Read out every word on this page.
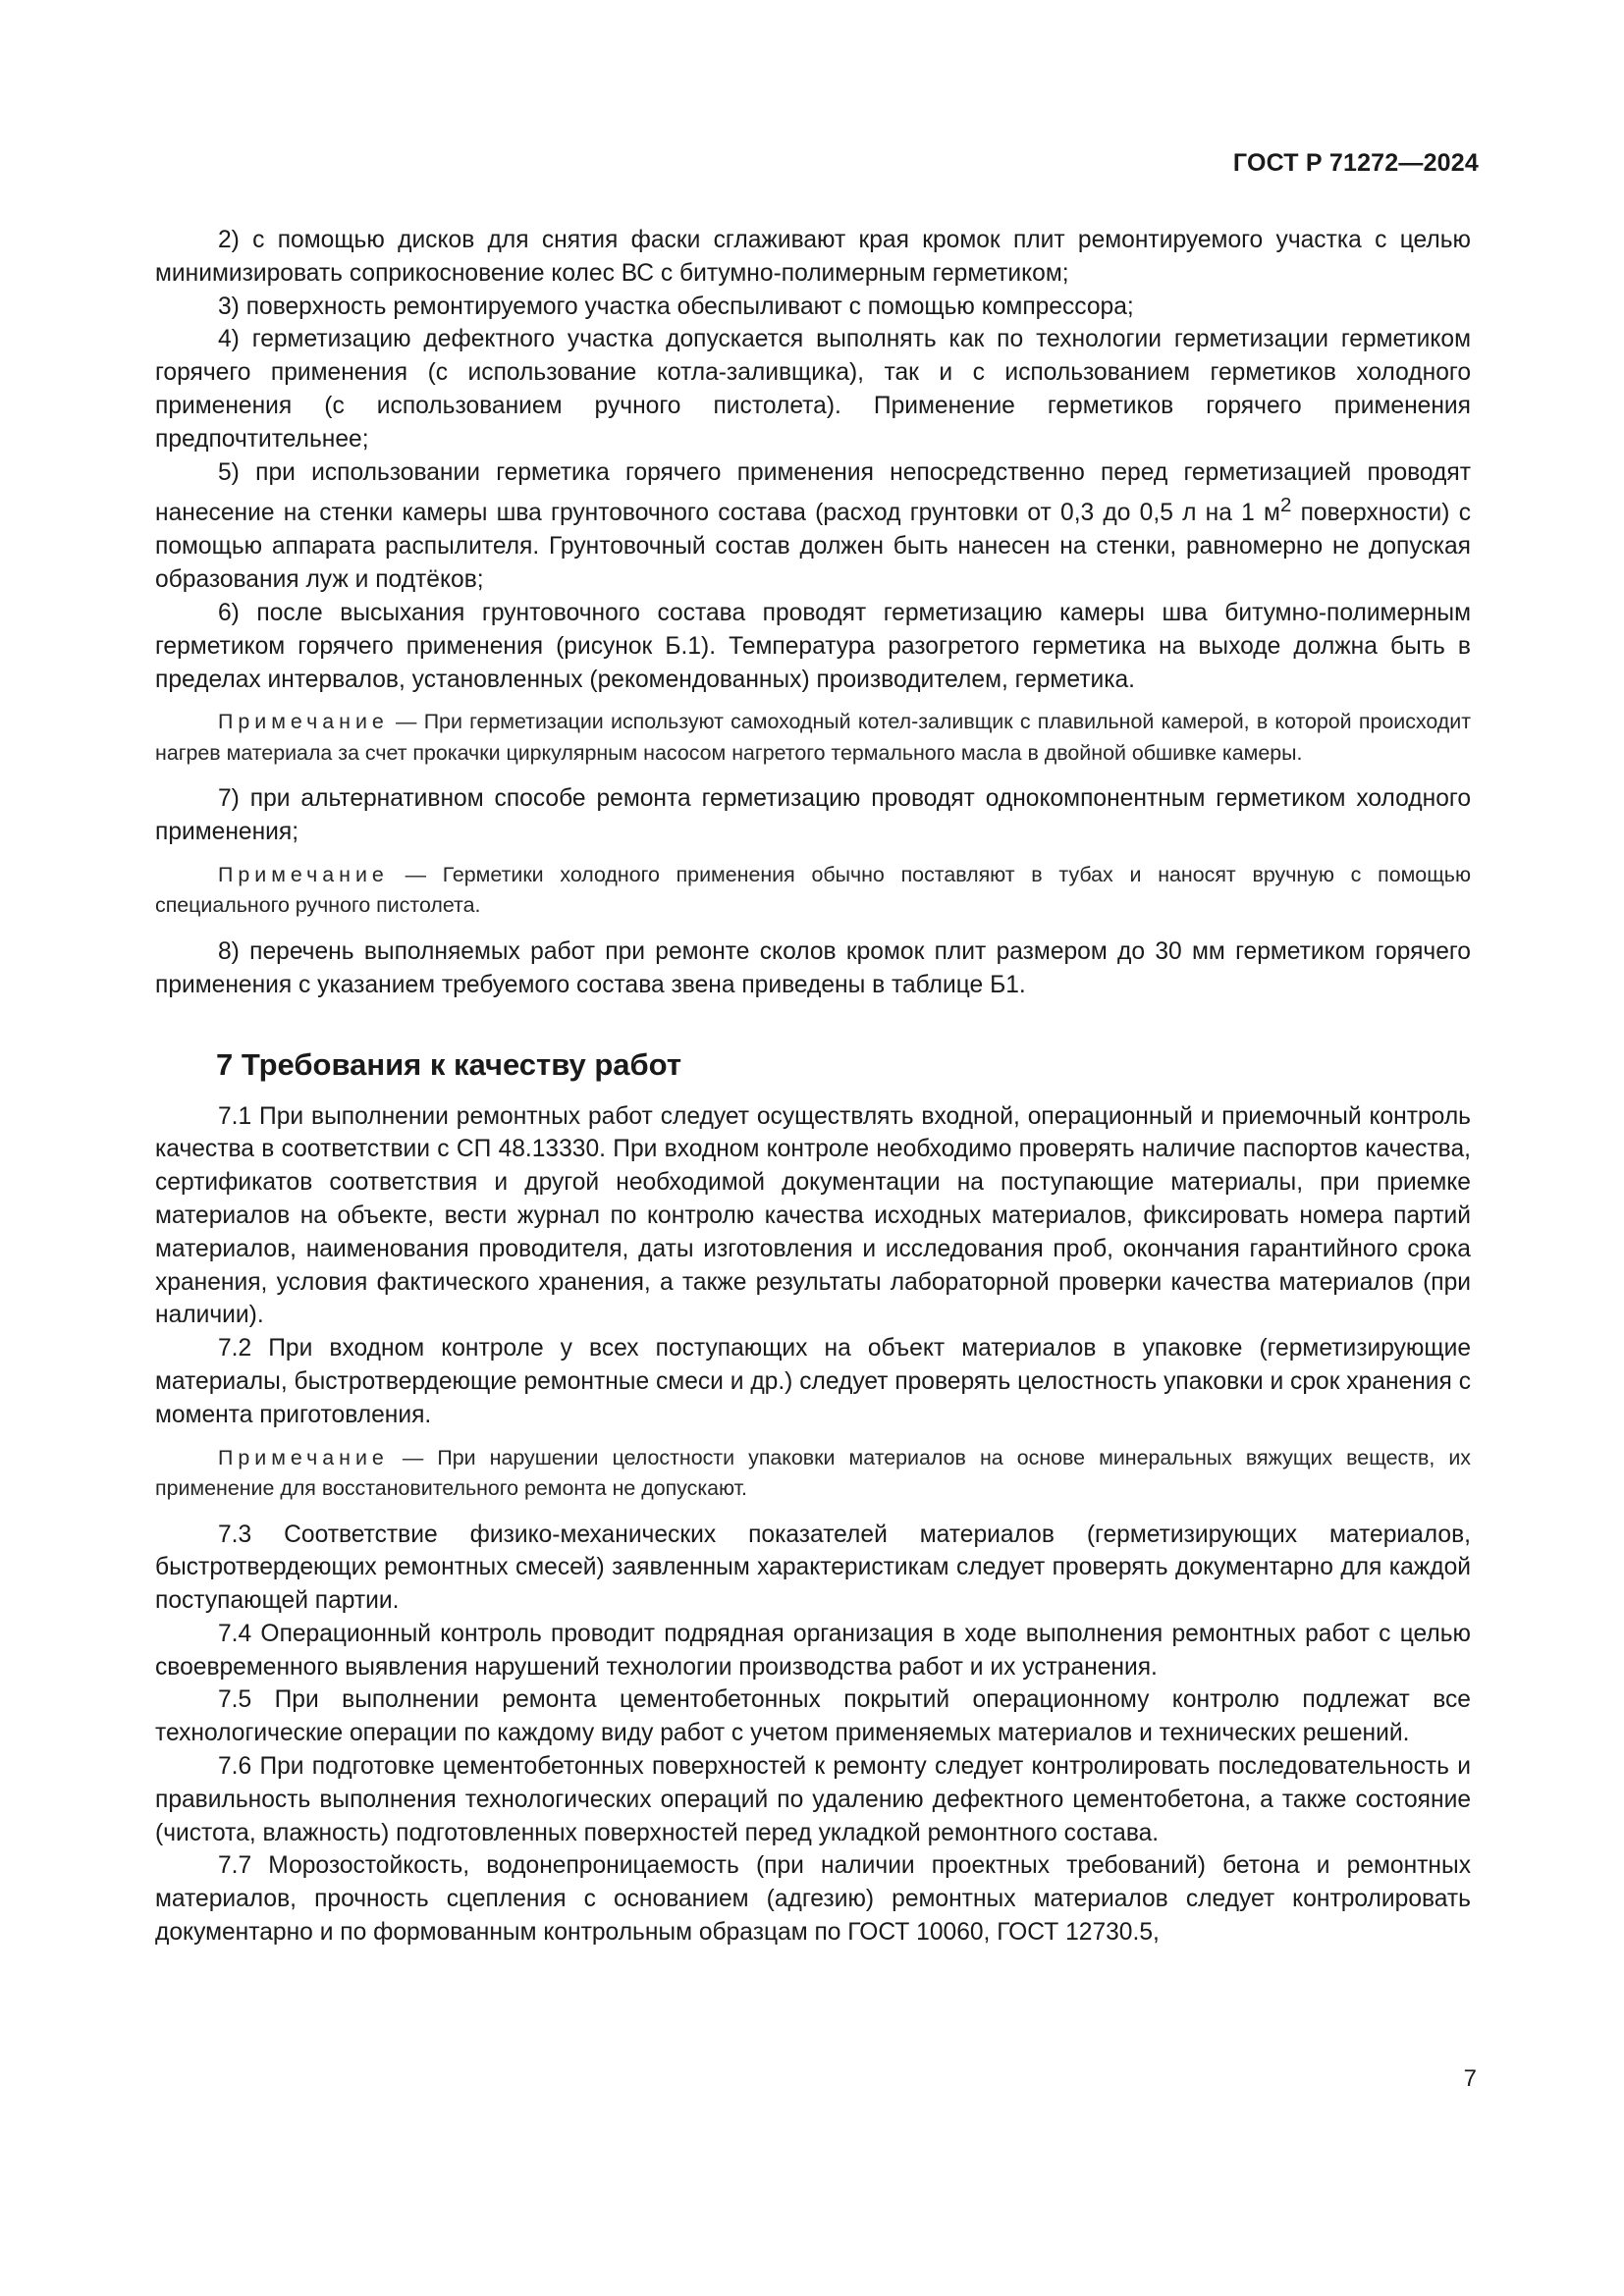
ГОСТ Р 71272—2024

2) с помощью дисков для снятия фаски сглаживают края кромок плит ремонтируемого участка с целью минимизировать соприкосновение колес ВС с битумно-полимерным герметиком;

3) поверхность ремонтируемого участка обеспыливают с помощью компрессора;

4) герметизацию дефектного участка допускается выполнять как по технологии герметизации герметиком горячего применения (с использование котла-заливщика), так и с использованием герметиков холодного применения (с использованием ручного пистолета). Применение герметиков горячего применения предпочтительнее;

5) при использовании герметика горячего применения непосредственно перед герметизацией проводят нанесение на стенки камеры шва грунтовочного состава (расход грунтовки от 0,3 до 0,5 л на 1 $м^2$ поверхности) с помощью аппарата распылителя. Грунтовочный состав должен быть нанесен на стенки, равномерно не допуская образования луж и подтёков;

6) после высыхания грунтовочного состава проводят герметизацию камеры шва битумно-полимерным герметиком горячего применения (рисунок Б.1). Температура разогретого герметика на выходе должна быть в пределах интервалов, установленных (рекомендованных) производителем, герметика.

Примечание — При герметизации используют самоходный котел-заливщик с плавильной камерой, в которой происходит нагрев материала за счет прокачки циркулярным насосом нагретого термального масла в двойной обшивке камеры.

7) при альтернативном способе ремонта герметизацию проводят однокомпонентным герметиком холодного применения;

Примечание — Герметики холодного применения обычно поставляют в тубах и наносят вручную с помощью специального ручного пистолета.

8) перечень выполняемых работ при ремонте сколов кромок плит размером до 30 мм герметиком горячего применения с указанием требуемого состава звена приведены в таблице Б1.

7 Требования к качеству работ

7.1 При выполнении ремонтных работ следует осуществлять входной, операционный и приемочный контроль качества в соответствии с СП 48.13330. При входном контроле необходимо проверять наличие паспортов качества, сертификатов соответствия и другой необходимой документации на поступающие материалы, при приемке материалов на объекте, вести журнал по контролю качества исходных материалов, фиксировать номера партий материалов, наименования проводителя, даты изготовления и исследования проб, окончания гарантийного срока хранения, условия фактического хранения, а также результаты лабораторной проверки качества материалов (при наличии).

7.2 При входном контроле у всех поступающих на объект материалов в упаковке (герметизирующие материалы, быстротвердеющие ремонтные смеси и др.) следует проверять целостность упаковки и срок хранения с момента приготовления.

Примечание — При нарушении целостности упаковки материалов на основе минеральных вяжущих веществ, их применение для восстановительного ремонта не допускают.

7.3 Соответствие физико-механических показателей материалов (герметизирующих материалов, быстротвердеющих ремонтных смесей) заявленным характеристикам следует проверять документарно для каждой поступающей партии.

7.4 Операционный контроль проводит подрядная организация в ходе выполнения ремонтных работ с целью своевременного выявления нарушений технологии производства работ и их устранения.

7.5 При выполнении ремонта цементобетонных покрытий операционному контролю подлежат все технологические операции по каждому виду работ с учетом применяемых материалов и технических решений.

7.6 При подготовке цементобетонных поверхностей к ремонту следует контролировать последовательность и правильность выполнения технологических операций по удалению дефектного цементобетона, а также состояние (чистота, влажность) подготовленных поверхностей перед укладкой ремонтного состава.

7.7 Морозостойкость, водонепроницаемость (при наличии проектных требований) бетона и ремонтных материалов, прочность сцепления с основанием (адгезию) ремонтных материалов следует контролировать документарно и по формованным контрольным образцам по ГОСТ 10060, ГОСТ 12730.5,

7
